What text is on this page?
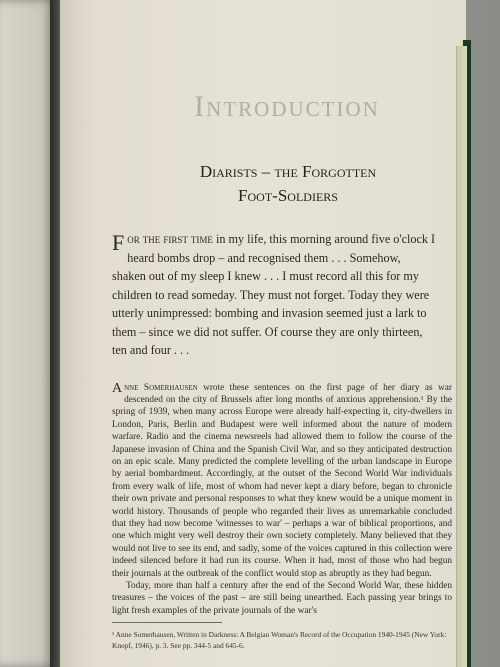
Introduction
Diarists – the Forgotten
Foot-Soldiers
For the first time in my life, this morning around five o'clock I
heard bombs drop – and recognised them . . . Somehow,
shaken out of my sleep I knew . . . I must record all this for my
children to read someday. They must not forget. Today they were
utterly unimpressed: bombing and invasion seemed just a lark to
them – since we did not suffer. Of course they are only thirteen,
ten and four . . .

Anne Somerhausen wrote these sentences on the first page of her diary as war descended on the city of Brussels after long months of anxious apprehension.¹ By the spring of 1939, when many across Europe were already half-expecting it, city-dwellers in London, Paris, Berlin and Budapest were well informed about the nature of modern warfare. Radio and the cinema newsreels had allowed them to follow the course of the Japanese invasion of China and the Spanish Civil War, and so they anticipated destruction on an epic scale. Many predicted the complete levelling of the urban landscape in Europe by aerial bombardment. Accordingly, at the outset of the Second World War individuals from every walk of life, most of whom had never kept a diary before, began to chronicle their own private and personal responses to what they knew would be a unique moment in world history. Thousands of people who regarded their lives as unremarkable concluded that they had now become 'witnesses to war' – perhaps a war of biblical proportions, and one which might very well destroy their own society completely. Many believed that they would not live to see its end, and sadly, some of the voices captured in this collection were indeed silenced before it had run its course. When it had, most of those who had begun their journals at the outbreak of the conflict would stop as abruptly as they had begun.

Today, more than half a century after the end of the Second World War, these hidden treasures – the voices of the past – are still being unearthed. Each passing year brings to light fresh examples of the private journals of the war's

¹ Anne Somerhausen, Written in Darkness: A Belgian Woman's Record of the Occupation 1940-1945 (New York: Knopf, 1946), p. 3. See pp. 344-5 and 645-6.
